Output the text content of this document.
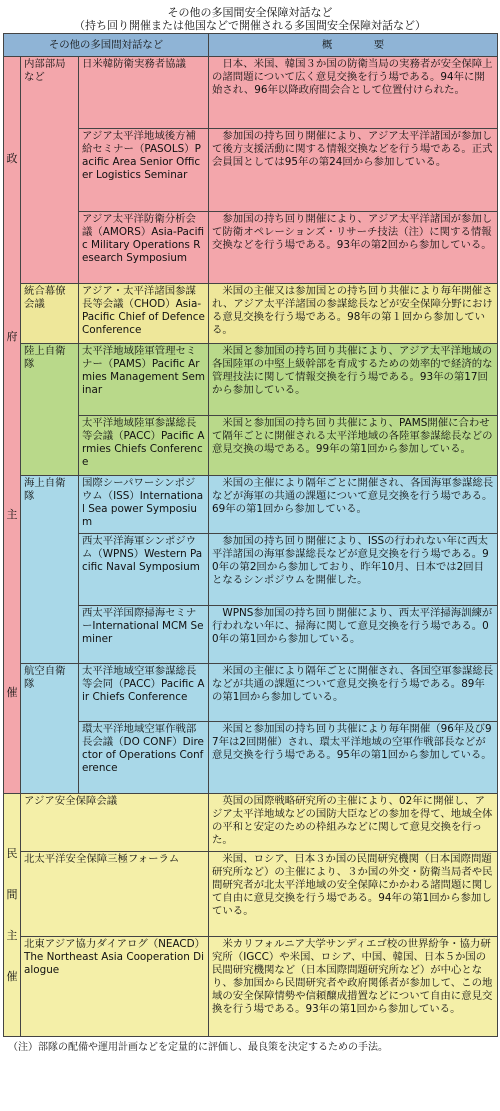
その他の多国間安全保障対話など
（持ち回り開催または他国などで開催される多国間安全保障対話など）
その他の多国間対話など			概　　　　要

政
府
主
催	内部部局など	日米韓防衛実務者協議	日本、米国、韓国３か国の防衛当局の実務者が安全保障上の諸問題について広く意見交換を行う場である。94年に開始され、96年以降政府間会合として位置付けられた。
		アジア太平洋地域後方補給セミナー（PASOLS）Pacific Area Senior Officer Logistics Seminar	参加国の持ち回り開催により、アジア太平洋諸国が参加して後方支援活動に関する情報交換などを行う場である。正式会員国としては95年の第24回から参加している。
		アジア太平洋防衛分析会議（AMORS）Asia-Pacific Military Operations Research Symposium	参加国の持ち回り開催により、アジア太平洋諸国が参加して防衛オペレーションズ・リサーチ技法（注）に関する情報交換などを行う場である。93年の第2回から参加している。
	統合幕僚会議	アジア・太平洋諸国参謀長等会議（CHOD）Asia-Pacific Chief of Defence Conference	米国の主催又は参加国との持ち回り共催により毎年開催され、アジア太平洋諸国の参謀総長などが安全保障分野における意見交換を行う場である。98年の第１回から参加している。
	陸上自衛隊	太平洋地域陸軍管理セミナー（PAMS）Pacific Armies Management Seminar	米国と参加国の持ち回り共催により、アジア太平洋地域の各国陸軍の中堅上級幹部を育成するための効率的で経済的な管理技法に関して情報交換を行う場である。93年の第17回から参加している。
		太平洋地域陸軍参謀総長等会議（PACC）Pacific Armies Chiefs Conference	米国と参加国の持ち回り共催により、PAMS開催に合わせて隔年ごとに開催される太平洋地域の各陸軍参謀総長などの意見交換の場である。99年の第1回から参加している。
	海上自衛隊	国際シーパワーシンポジウム（ISS）International Sea power Symposium	米国の主催により隔年ごとに開催され、各国海軍参謀総長などが海軍の共通の課題について意見交換を行う場である。69年の第1回から参加している。
		西太平洋海軍シンポジウム（WPNS）Western Pacific Naval Symposium	参加国の持ち回り開催により、ISSの行われない年に西太平洋諸国の海軍参謀総長などが意見交換を行う場である。90年の第2回から参加しており、昨年10月、日本では2回目となるシンポジウムを開催した。
		西太平洋国際掃海セミナーInternational MCM Seminer	WPNS参加国の持ち回り開催により、西太平洋掃海訓練が行われない年に、掃海に関して意見交換を行う場である。00年の第1回から参加している。
	航空自衛隊	太平洋地域空軍参謀総長等会同（PACC）Pacific Air Chiefs Conference	米国の主催により隔年ごとに開催され、各国空軍参謀総長などが共通の課題について意見交換を行う場である。89年の第1回から参加している。
		環太平洋地域空軍作戦部長会議（DO CONF）Director of Operations Conference	米国と参加国の持ち回り共催により毎年開催（96年及び97年は2回開催）され、環太平洋地域の空軍作戦部長などが意見交換を行う場である。95年の第1回から参加している。

民
間
主
催	アジア安全保障会議		英国の国際戦略研究所の主催により、02年に開催し、アジア太平洋地域などの国防大臣などの参加を得て、地域全体の平和と安定のための枠組みなどに関して意見交換を行った。
	北太平洋安全保障三極フォーラム		米国、ロシア、日本３か国の民間研究機関（日本国際問題研究所など）の主催により、３か国の外交・防衛当局者や民間研究者が北太平洋地域の安全保障にかかわる諸問題に関して自由に意見交換を行う場である。94年の第1回から参加している。
	北東アジア協力ダイアログ（NEACD）The Northeast Asia Cooperation Dialogue		米カリフォルニア大学サンディエゴ校の世界紛争・協力研究所（IGCC）や米国、ロシア、中国、韓国、日本５か国の民間研究機関など（日本国際問題研究所など）が中心となり、参加国から民間研究者や政府関係者が参加して、この地域の安全保障情勢や信頼醸成措置などについて自由に意見交換を行う場である。93年の第1回から参加している。
（注）部隊の配備や運用計画などを定量的に評価し、最良策を決定するための手法。
